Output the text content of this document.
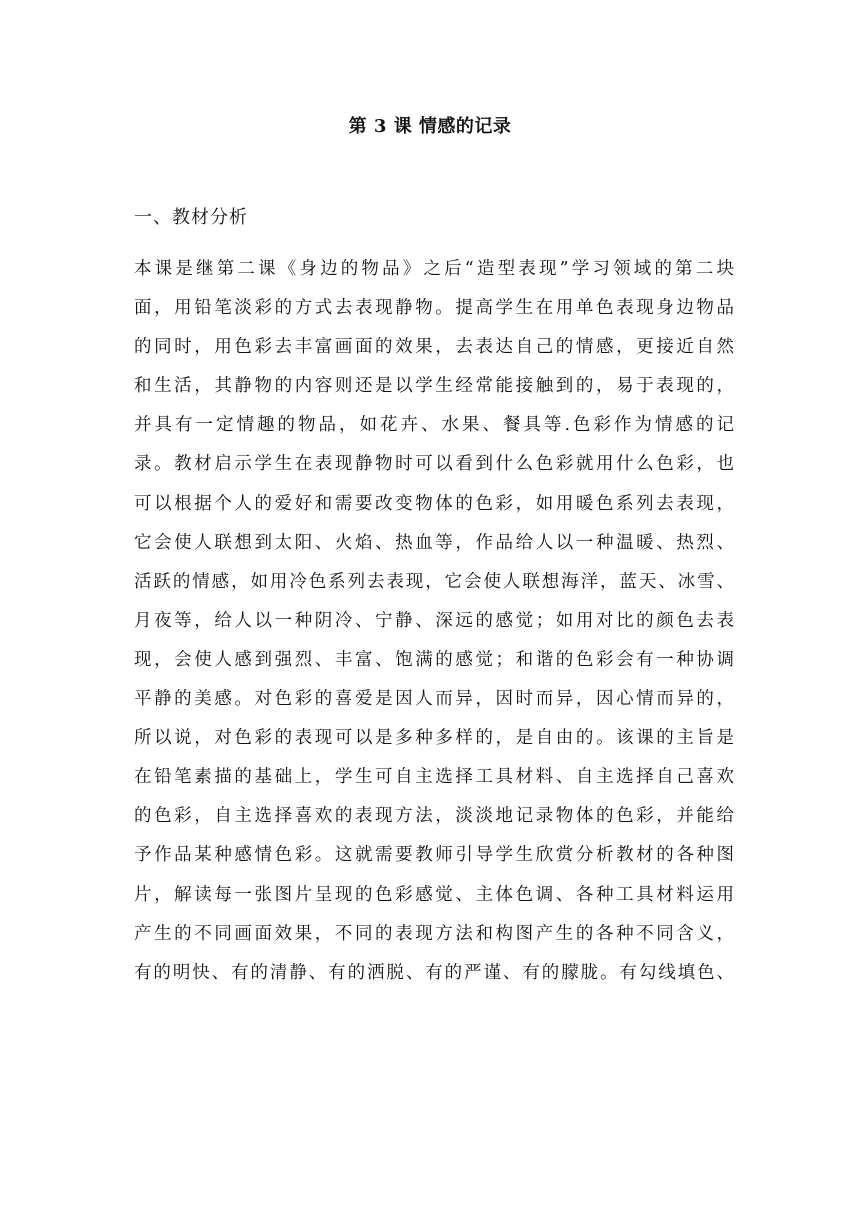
第 3 课 情感的记录
一、教材分析
本课是继第二课《身边的物品》之后“造型表现”学习领域的第二块
面，用铅笔淡彩的方式去表现静物。提高学生在用单色表现身边物品
的同时，用色彩去丰富画面的效果，去表达自己的情感，更接近自然
和生活，其静物的内容则还是以学生经常能接触到的，易于表现的，
并具有一定情趣的物品，如花卉、水果、餐具等.色彩作为情感的记
录。教材启示学生在表现静物时可以看到什么色彩就用什么色彩，也
可以根据个人的爱好和需要改变物体的色彩，如用暖色系列去表现，
它会使人联想到太阳、火焰、热血等，作品给人以一种温暖、热烈、
活跃的情感，如用冷色系列去表现，它会使人联想海洋，蓝天、冰雪、
月夜等，给人以一种阴冷、宁静、深远的感觉；如用对比的颜色去表
现，会使人感到强烈、丰富、饱满的感觉；和谐的色彩会有一种协调
平静的美感。对色彩的喜爱是因人而异，因时而异，因心情而异的，
所以说，对色彩的表现可以是多种多样的，是自由的。该课的主旨是
在铅笔素描的基础上，学生可自主选择工具材料、自主选择自己喜欢
的色彩，自主选择喜欢的表现方法，淡淡地记录物体的色彩，并能给
予作品某种感情色彩。这就需要教师引导学生欣赏分析教材的各种图
片，解读每一张图片呈现的色彩感觉、主体色调、各种工具材料运用
产生的不同画面效果，不同的表现方法和构图产生的各种不同含义，
有的明快、有的清静、有的洒脱、有的严谨、有的朦胧。有勾线填色、
